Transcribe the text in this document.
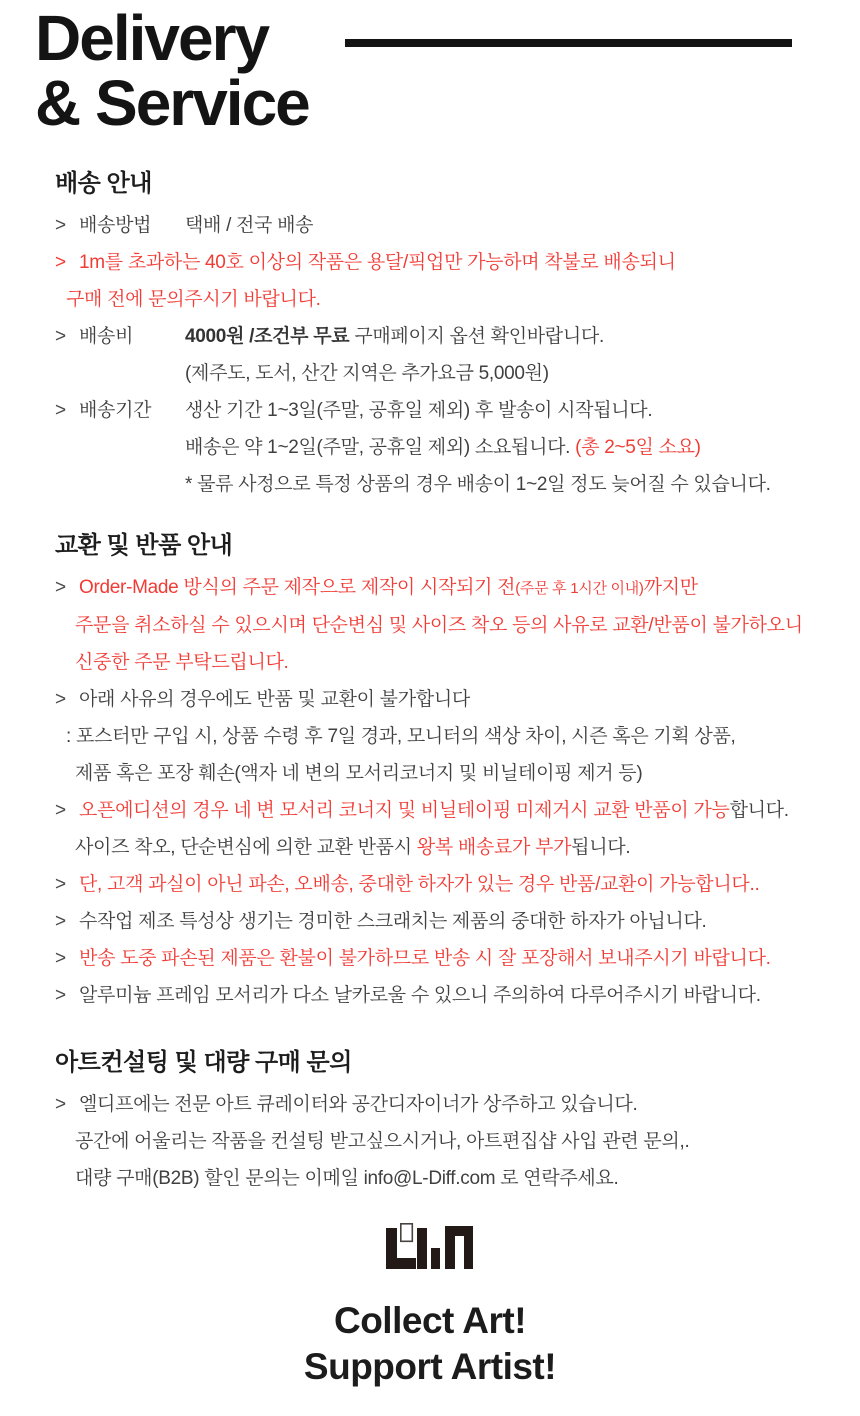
Delivery
& Service
배송 안내
> 배송방법	택배 / 전국 배송
> 1m를 초과하는 40호 이상의 작품은 용달/픽업만 가능하며 착불로 배송되니
구매 전에 문의주시기 바랍니다.
> 배송비	4000원 /조건부 무료 구매페이지 옵션 확인바랍니다.
(제주도, 도서, 산간 지역은 추가요금 5,000원)
> 배송기간	생산 기간 1~3일(주말, 공휴일 제외) 후 발송이 시작됩니다.
배송은 약 1~2일(주말, 공휴일 제외) 소요됩니다. (총 2~5일 소요)
* 물류 사정으로 특정 상품의 경우 배송이 1~2일 정도 늦어질 수 있습니다.
교환 및 반품 안내
> Order-Made 방식의 주문 제작으로 제작이 시작되기 전(주문 후 1시간 이내)까지만
주문을 취소하실 수 있으시며 단순변심 및 사이즈 착오 등의 사유로 교환/반품이 불가하오니
신중한 주문 부탁드립니다.
> 아래 사유의 경우에도 반품 및 교환이 불가합니다
: 포스터만 구입 시, 상품 수령 후 7일 경과, 모니터의 색상 차이, 시즌 혹은 기획 상품,
제품 혹은 포장 훼손(액자 네 변의 모서리코너지 및 비닐테이핑 제거 등)
> 오픈에디션의 경우 네 변 모서리 코너지 및 비닐테이핑 미제거시 교환 반품이 가능합니다.
사이즈 착오, 단순변심에 의한 교환 반품시 왕복 배송료가 부가됩니다.
> 단, 고객 과실이 아닌 파손, 오배송, 중대한 하자가 있는 경우 반품/교환이 가능합니다..
> 수작업 제조 특성상 생기는 경미한 스크래치는 제품의 중대한 하자가 아닙니다.
> 반송 도중 파손된 제품은 환불이 불가하므로 반송 시 잘 포장해서 보내주시기 바랍니다.
> 알루미늄 프레임 모서리가 다소 날카로울 수 있으니 주의하여 다루어주시기 바랍니다.
아트컨설팅 및 대량 구매 문의
> 엘디프에는 전문 아트 큐레이터와 공간디자이너가 상주하고 있습니다.
공간에 어울리는 작품을 컨설팅 받고싶으시거나, 아트편집샵 사입 관련 문의,.
대량 구매(B2B) 할인 문의는 이메일 info@L-Diff.com 로 연락주세요.
Collect Art!
Support Artist!
